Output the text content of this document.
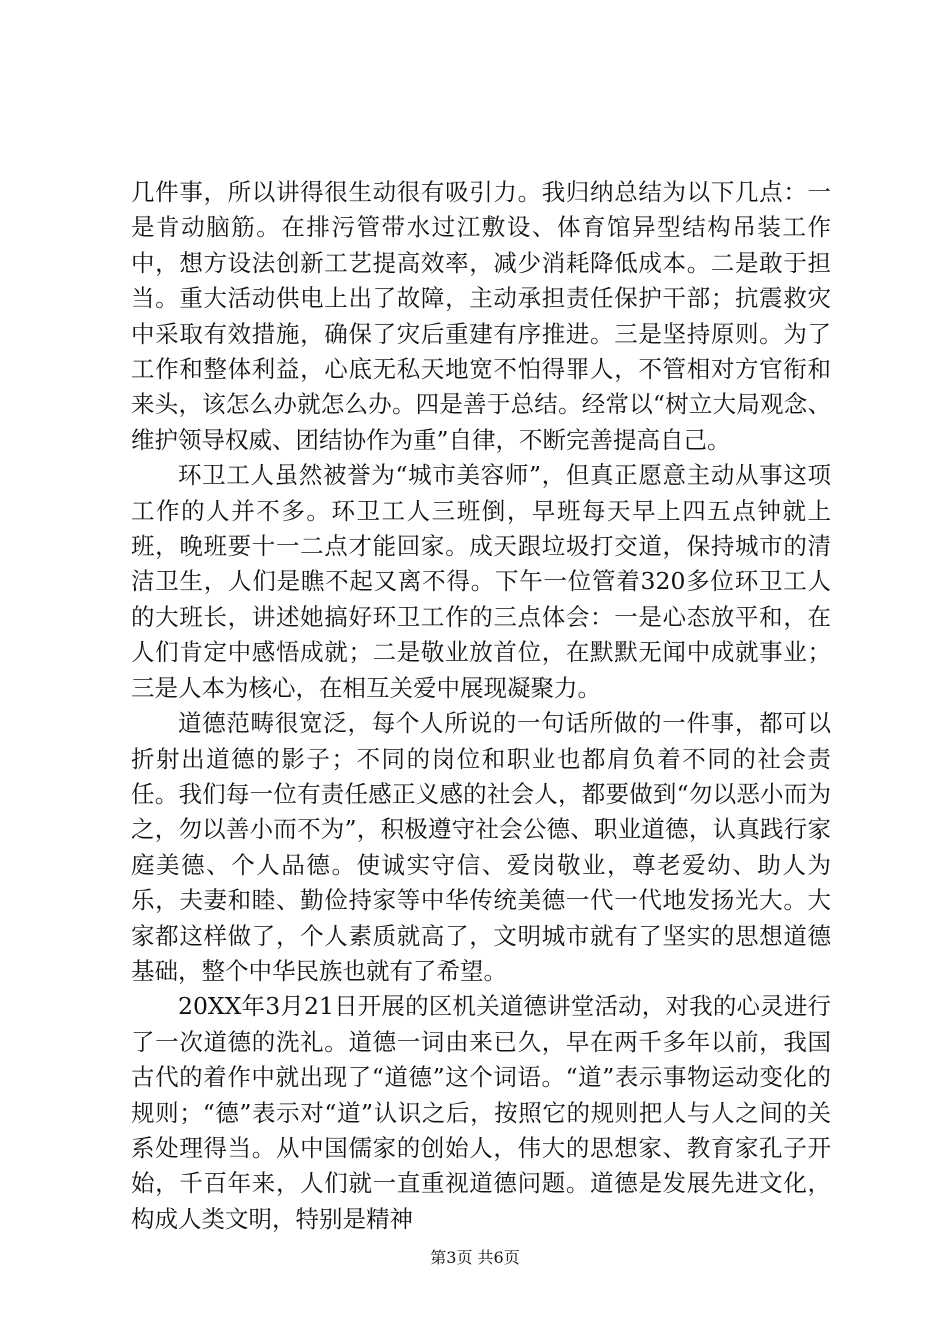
几件事，所以讲得很生动很有吸引力。我归纳总结为以下几点：一是肯动脑筋。在排污管带水过江敷设、体育馆异型结构吊装工作中，想方设法创新工艺提高效率，减少消耗降低成本。二是敢于担当。重大活动供电上出了故障，主动承担责任保护干部；抗震救灾中采取有效措施，确保了灾后重建有序推进。三是坚持原则。为了工作和整体利益，心底无私天地宽不怕得罪人，不管相对方官衔和来头，该怎么办就怎么办。四是善于总结。经常以“树立大局观念、维护领导权威、团结协作为重”自律，不断完善提高自己。

环卫工人虽然被誉为“城市美容师”，但真正愿意主动从事这项工作的人并不多。环卫工人三班倒，早班每天早上四五点钟就上班，晚班要十一二点才能回家。成天跟垃圾打交道，保持城市的清洁卫生，人们是瞧不起又离不得。下午一位管着320多位环卫工人的大班长，讲述她搞好环卫工作的三点体会：一是心态放平和，在人们肯定中感悟成就；二是敬业放首位，在默默无闻中成就事业；三是人本为核心，在相互关爱中展现凝聚力。

道德范畴很宽泛，每个人所说的一句话所做的一件事，都可以折射出道德的影子；不同的岗位和职业也都肩负着不同的社会责任。我们每一位有责任感正义感的社会人，都要做到“勿以恶小而为之，勿以善小而不为”，积极遵守社会公德、职业道德，认真践行家庭美德、个人品德。使诚实守信、爱岗敬业，尊老爱幼、助人为乐，夫妻和睦、勤俭持家等中华传统美德一代一代地发扬光大。大家都这样做了，个人素质就高了，文明城市就有了坚实的思想道德基础，整个中华民族也就有了希望。

20XX年3月21日开展的区机关道德讲堂活动，对我的心灵进行了一次道德的洗礼。道德一词由来已久，早在两千多年以前，我国古代的着作中就出现了“道德”这个词语。“道”表示事物运动变化的规则；“德”表示对“道”认识之后，按照它的规则把人与人之间的关系处理得当。从中国儒家的创始人，伟大的思想家、教育家孔子开始，千百年来，人们就一直重视道德问题。道德是发展先进文化，构成人类文明，特别是精神

第3页 共6页
